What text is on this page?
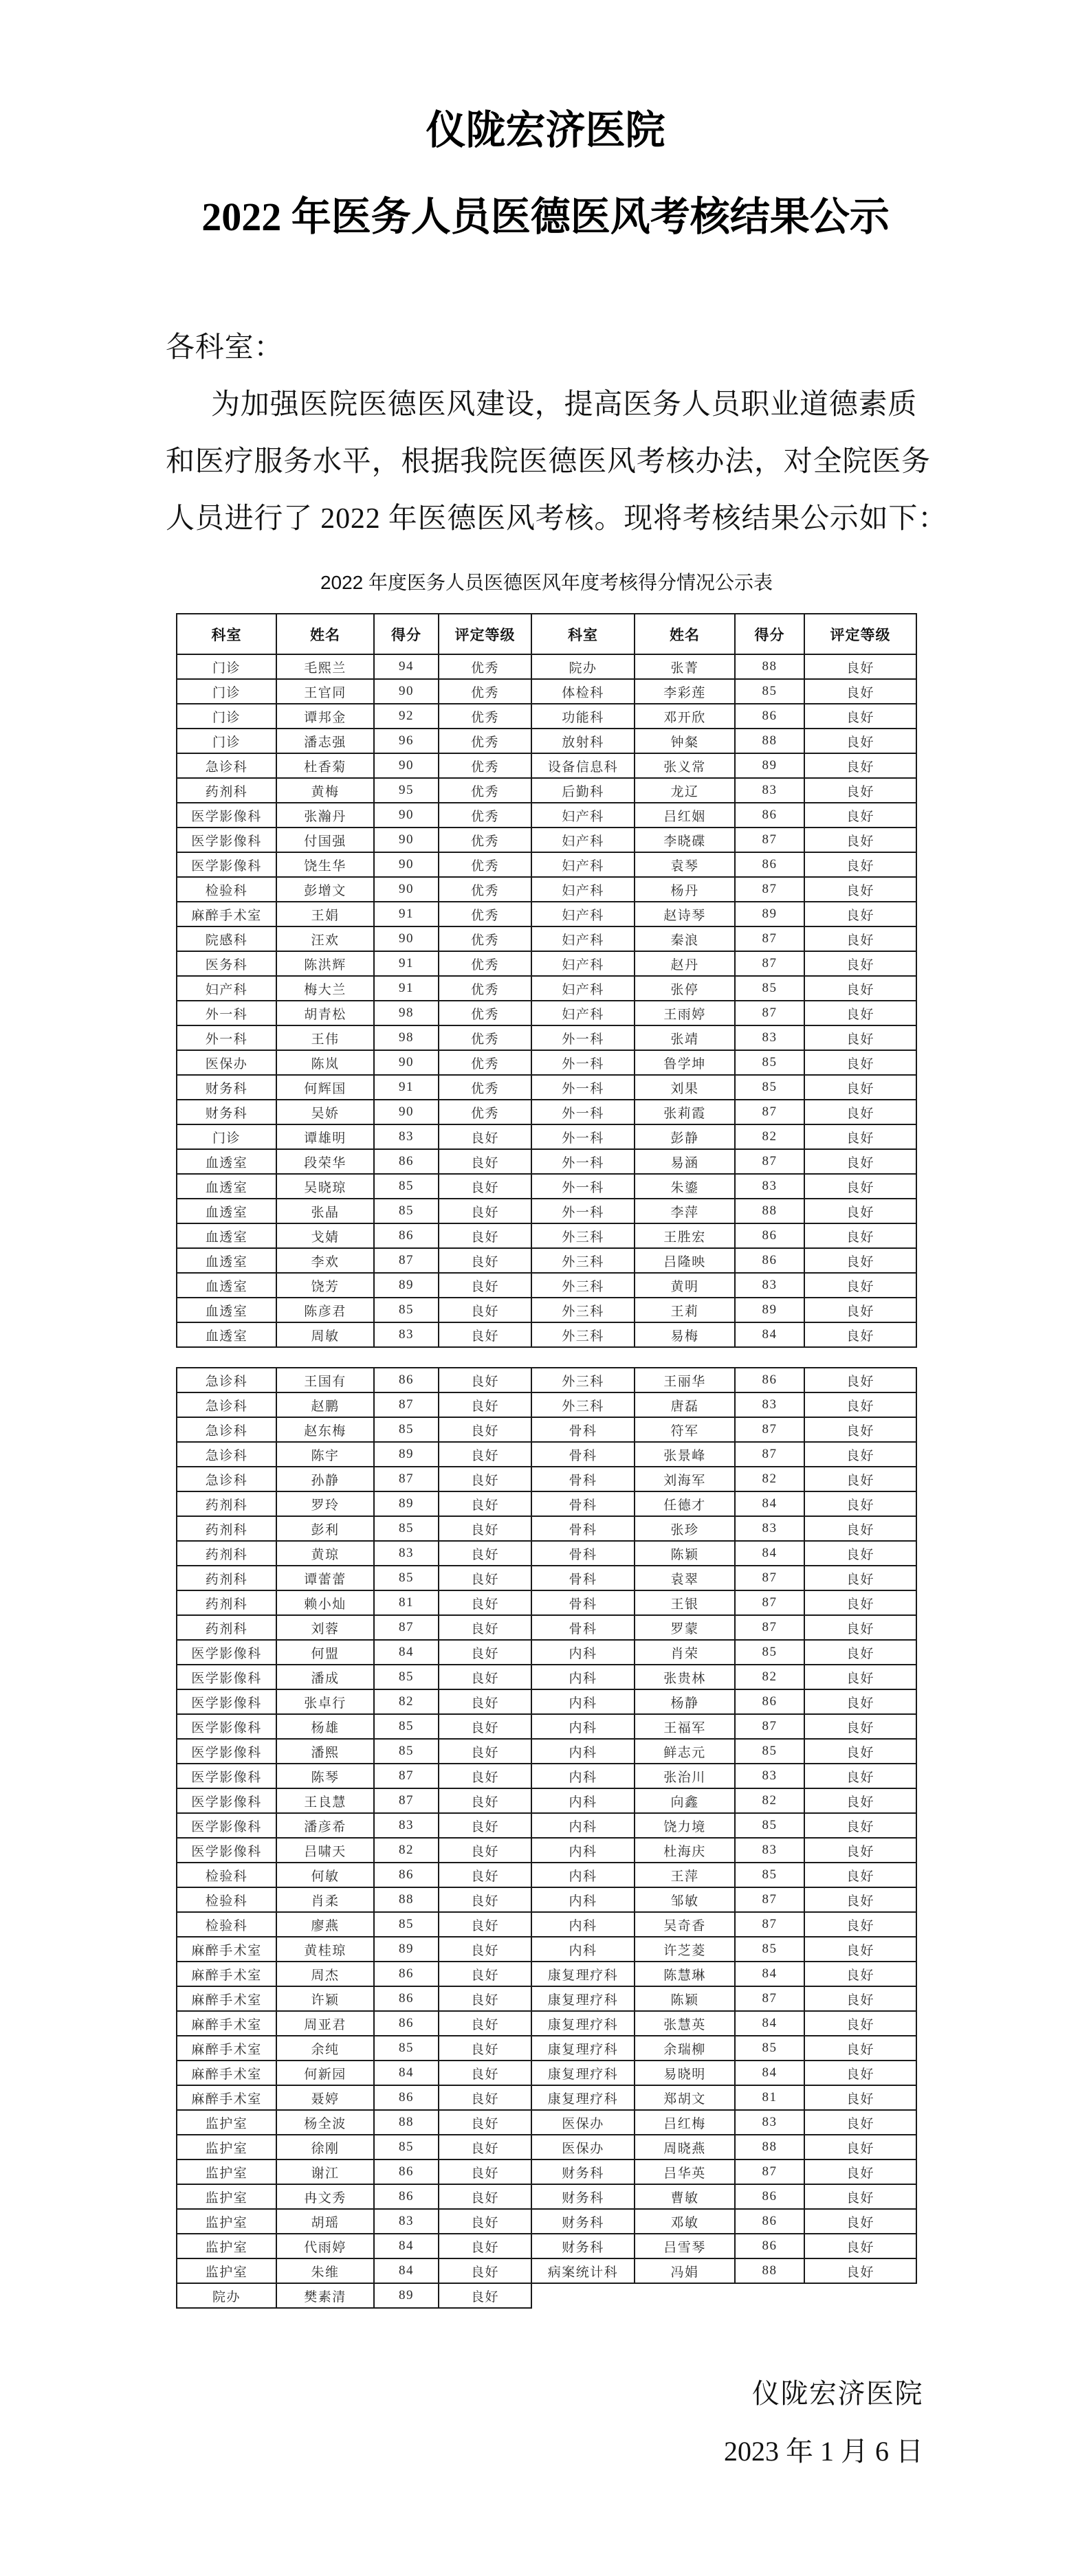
仪陇宏济医院
2022 年医务人员医德医风考核结果公示
各科室：
为加强医院医德医风建设，提高医务人员职业道德素质
和医疗服务水平，根据我院医德医风考核办法，对全院医务
人员进行了 2022 年医德医风考核。现将考核结果公示如下：
2022 年度医务人员医德医风年度考核得分情况公示表
科室	姓名	得分	评定等级	科室	姓名	得分	评定等级
门诊	毛熙兰	94	优秀	院办	张菁	88	良好
门诊	王官同	90	优秀	体检科	李彩莲	85	良好
门诊	谭邦金	92	优秀	功能科	邓开欣	86	良好
门诊	潘志强	96	优秀	放射科	钟粲	88	良好
急诊科	杜香菊	90	优秀	设备信息科	张义常	89	良好
药剂科	黄梅	95	优秀	后勤科	龙辽	83	良好
医学影像科	张瀚丹	90	优秀	妇产科	吕红姻	86	良好
医学影像科	付国强	90	优秀	妇产科	李晓碟	87	良好
医学影像科	饶生华	90	优秀	妇产科	袁琴	86	良好
检验科	彭增文	90	优秀	妇产科	杨丹	87	良好
麻醉手术室	王娟	91	优秀	妇产科	赵诗琴	89	良好
院感科	汪欢	90	优秀	妇产科	秦浪	87	良好
医务科	陈洪辉	91	优秀	妇产科	赵丹	87	良好
妇产科	梅大兰	91	优秀	妇产科	张停	85	良好
外一科	胡青松	98	优秀	妇产科	王雨婷	87	良好
外一科	王伟	98	优秀	外一科	张靖	83	良好
医保办	陈岚	90	优秀	外一科	鲁学坤	85	良好
财务科	何辉国	91	优秀	外一科	刘果	85	良好
财务科	吴娇	90	优秀	外一科	张莉霞	87	良好
门诊	谭雄明	83	良好	外一科	彭静	82	良好
血透室	段荣华	86	良好	外一科	易涵	87	良好
血透室	吴晓琼	85	良好	外一科	朱鎏	83	良好
血透室	张晶	85	良好	外一科	李萍	88	良好
血透室	戈婧	86	良好	外三科	王胜宏	86	良好
血透室	李欢	87	良好	外三科	吕隆映	86	良好
血透室	饶芳	89	良好	外三科	黄明	83	良好
血透室	陈彦君	85	良好	外三科	王莉	89	良好
血透室	周敏	83	良好	外三科	易梅	84	良好
急诊科	王国有	86	良好	外三科	王丽华	86	良好
急诊科	赵鹏	87	良好	外三科	唐磊	83	良好
急诊科	赵东梅	85	良好	骨科	符军	87	良好
急诊科	陈宇	89	良好	骨科	张景峰	87	良好
急诊科	孙静	87	良好	骨科	刘海军	82	良好
药剂科	罗玲	89	良好	骨科	任德才	84	良好
药剂科	彭利	85	良好	骨科	张珍	83	良好
药剂科	黄琼	83	良好	骨科	陈颖	84	良好
药剂科	谭蕾蕾	85	良好	骨科	袁翠	87	良好
药剂科	赖小灿	81	良好	骨科	王银	87	良好
药剂科	刘蓉	87	良好	骨科	罗蒙	87	良好
医学影像科	何盟	84	良好	内科	肖荣	85	良好
医学影像科	潘成	85	良好	内科	张贵林	82	良好
医学影像科	张卓行	82	良好	内科	杨静	86	良好
医学影像科	杨雄	85	良好	内科	王福军	87	良好
医学影像科	潘熙	85	良好	内科	鲜志元	85	良好
医学影像科	陈琴	87	良好	内科	张治川	83	良好
医学影像科	王良慧	87	良好	内科	向鑫	82	良好
医学影像科	潘彦希	83	良好	内科	饶力境	85	良好
医学影像科	吕啸天	82	良好	内科	杜海庆	83	良好
检验科	何敏	86	良好	内科	王萍	85	良好
检验科	肖柔	88	良好	内科	邹敏	87	良好
检验科	廖燕	85	良好	内科	吴奇香	87	良好
麻醉手术室	黄桂琼	89	良好	内科	许芝菱	85	良好
麻醉手术室	周杰	86	良好	康复理疗科	陈慧琳	84	良好
麻醉手术室	许颖	86	良好	康复理疗科	陈颖	87	良好
麻醉手术室	周亚君	86	良好	康复理疗科	张慧英	84	良好
麻醉手术室	余纯	85	良好	康复理疗科	余瑞柳	85	良好
麻醉手术室	何新园	84	良好	康复理疗科	易晓明	84	良好
麻醉手术室	聂婷	86	良好	康复理疗科	郑胡文	81	良好
监护室	杨全波	88	良好	医保办	吕红梅	83	良好
监护室	徐刚	85	良好	医保办	周晓燕	88	良好
监护室	谢江	86	良好	财务科	吕华英	87	良好
监护室	冉文秀	86	良好	财务科	曹敏	86	良好
监护室	胡瑶	83	良好	财务科	邓敏	86	良好
监护室	代雨婷	84	良好	财务科	吕雪琴	86	良好
监护室	朱维	84	良好	病案统计科	冯娟	88	良好
院办	樊素清	89	良好				
仪陇宏济医院
2023 年 1 月 6 日
